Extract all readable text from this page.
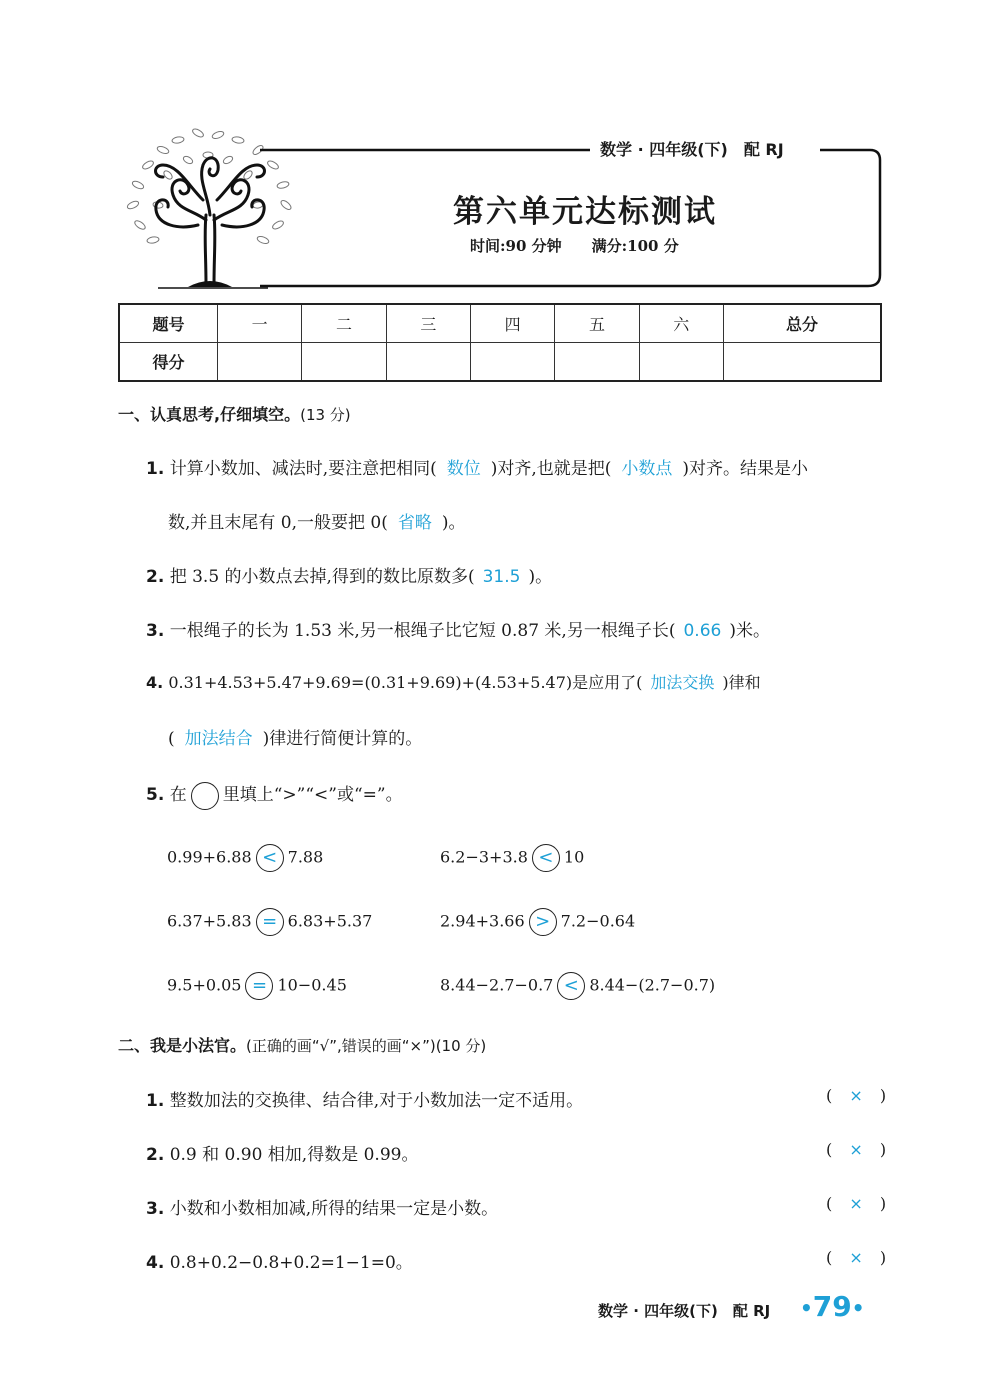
数学 · 四年级(下)　配 RJ
第六单元达标测试
时间:90 分钟　　满分:100 分
题号	一	二	三	四	五	六	总分
得分							
一、认真思考,仔细填空。(13 分)
1. 计算小数加、减法时,要注意把相同( 数位 )对齐,也就是把( 小数点 )对齐。结果是小
数,并且末尾有 0,一般要把 0( 省略 )。
2. 把 3.5 的小数点去掉,得到的数比原数多( 31.5 )。
3. 一根绳子的长为 1.53 米,另一根绳子比它短 0.87 米,另一根绳子长( 0.66 )米。
4. 0.31+4.53+5.47+9.69=(0.31+9.69)+(4.53+5.47)是应用了( 加法交换 )律和
( 加法结合 )律进行简便计算的。
5. 在 里填上“>”“<”或“=”。
0.99+6.88 < 7.88	6.2−3+3.8 < 10
6.37+5.83 = 6.83+5.37	2.94+3.66 > 7.2−0.64
9.5+0.05 = 10−0.45	8.44−2.7−0.7 < 8.44−(2.7−0.7)
二、我是小法官。(正确的画“√”,错误的画“×”)(10 分)
1. 整数加法的交换律、结合律,对于小数加法一定不适用。	( × )
2. 0.9 和 0.90 相加,得数是 0.99。	( × )
3. 小数和小数相加减,所得的结果一定是小数。	( × )
4. 0.8+0.2−0.8+0.2=1−1=0。	( × )
数学 · 四年级(下)　配 RJ •79•
